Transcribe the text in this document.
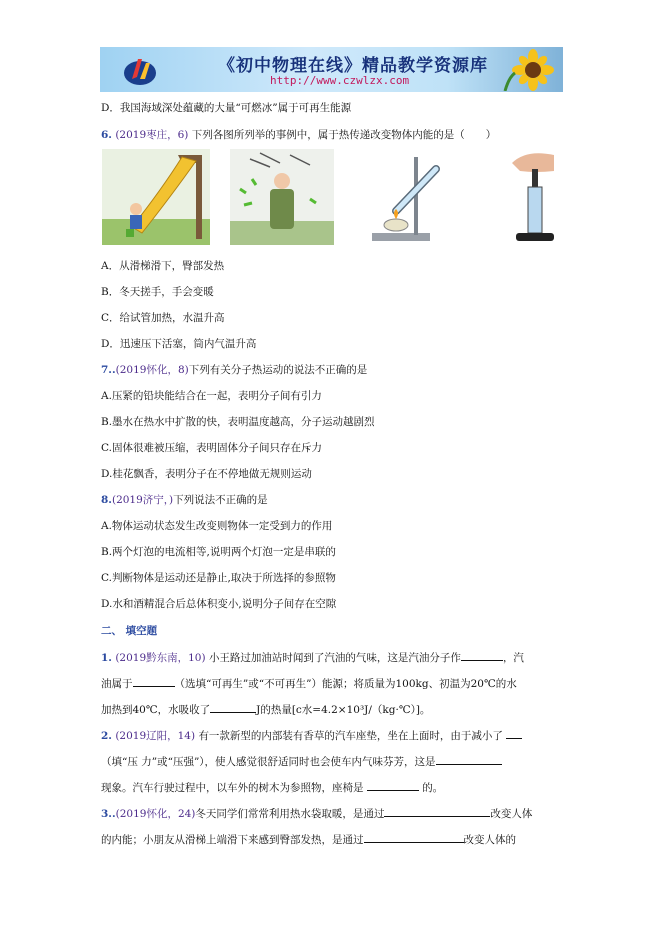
《初中物理在线》精品教学资源库
http://www.czwlzx.com
D．我国海域深处蕴藏的大量“可燃冰”属于可再生能源
6. (2019枣庄，6) 下列各图所列举的事例中，属于热传递改变物体内能的是（　　）
A．从滑梯滑下，臀部发热
B．冬天搓手，手会变暖
C．给试管加热，水温升高
D．迅速压下活塞，筒内气温升高
7..(2019怀化，8)下列有关分子热运动的说法不正确的是
A.压紧的铅块能结合在一起，表明分子间有引力
B.墨水在热水中扩散的快，表明温度越高，分子运动越剧烈
C.固体很难被压缩，表明固体分子间只存在斥力
D.桂花飘香，表明分子在不停地做无规则运动
8.(2019济宁，)下列说法不正确的是
A.物体运动状态发生改变则物体一定受到力的作用
B.两个灯泡的电流相等,说明两个灯泡一定是串联的
C.判断物体是运动还是静止,取决于所选择的参照物
D.水和酒精混合后总体积变小,说明分子间存在空隙
二、 填空题
1. (2019黔东南，10) 小王路过加油站时闻到了汽油的气味，这是汽油分子作	，汽
油属于	（选填“可再生”或“不可再生”）能源；将质量为100kg、初温为20℃的水
加热到40℃，水吸收了	J的热量[c水=4.2×10³J/（kg·℃）]。
2. (2019辽阳，14) 有一款新型的内部装有香草的汽车座垫，坐在上面时，由于减小了
（填“压 力”或“压强”），使人感觉很舒适同时也会使车内气味芬芳，这是
现象。汽车行驶过程中，以车外的树木为参照物，座椅是	的。
3..(2019怀化，24)冬天同学们常常利用热水袋取暖，是通过	改变人体
的内能；小朋友从滑梯上端滑下来感到臀部发热，是通过	改变人体的
